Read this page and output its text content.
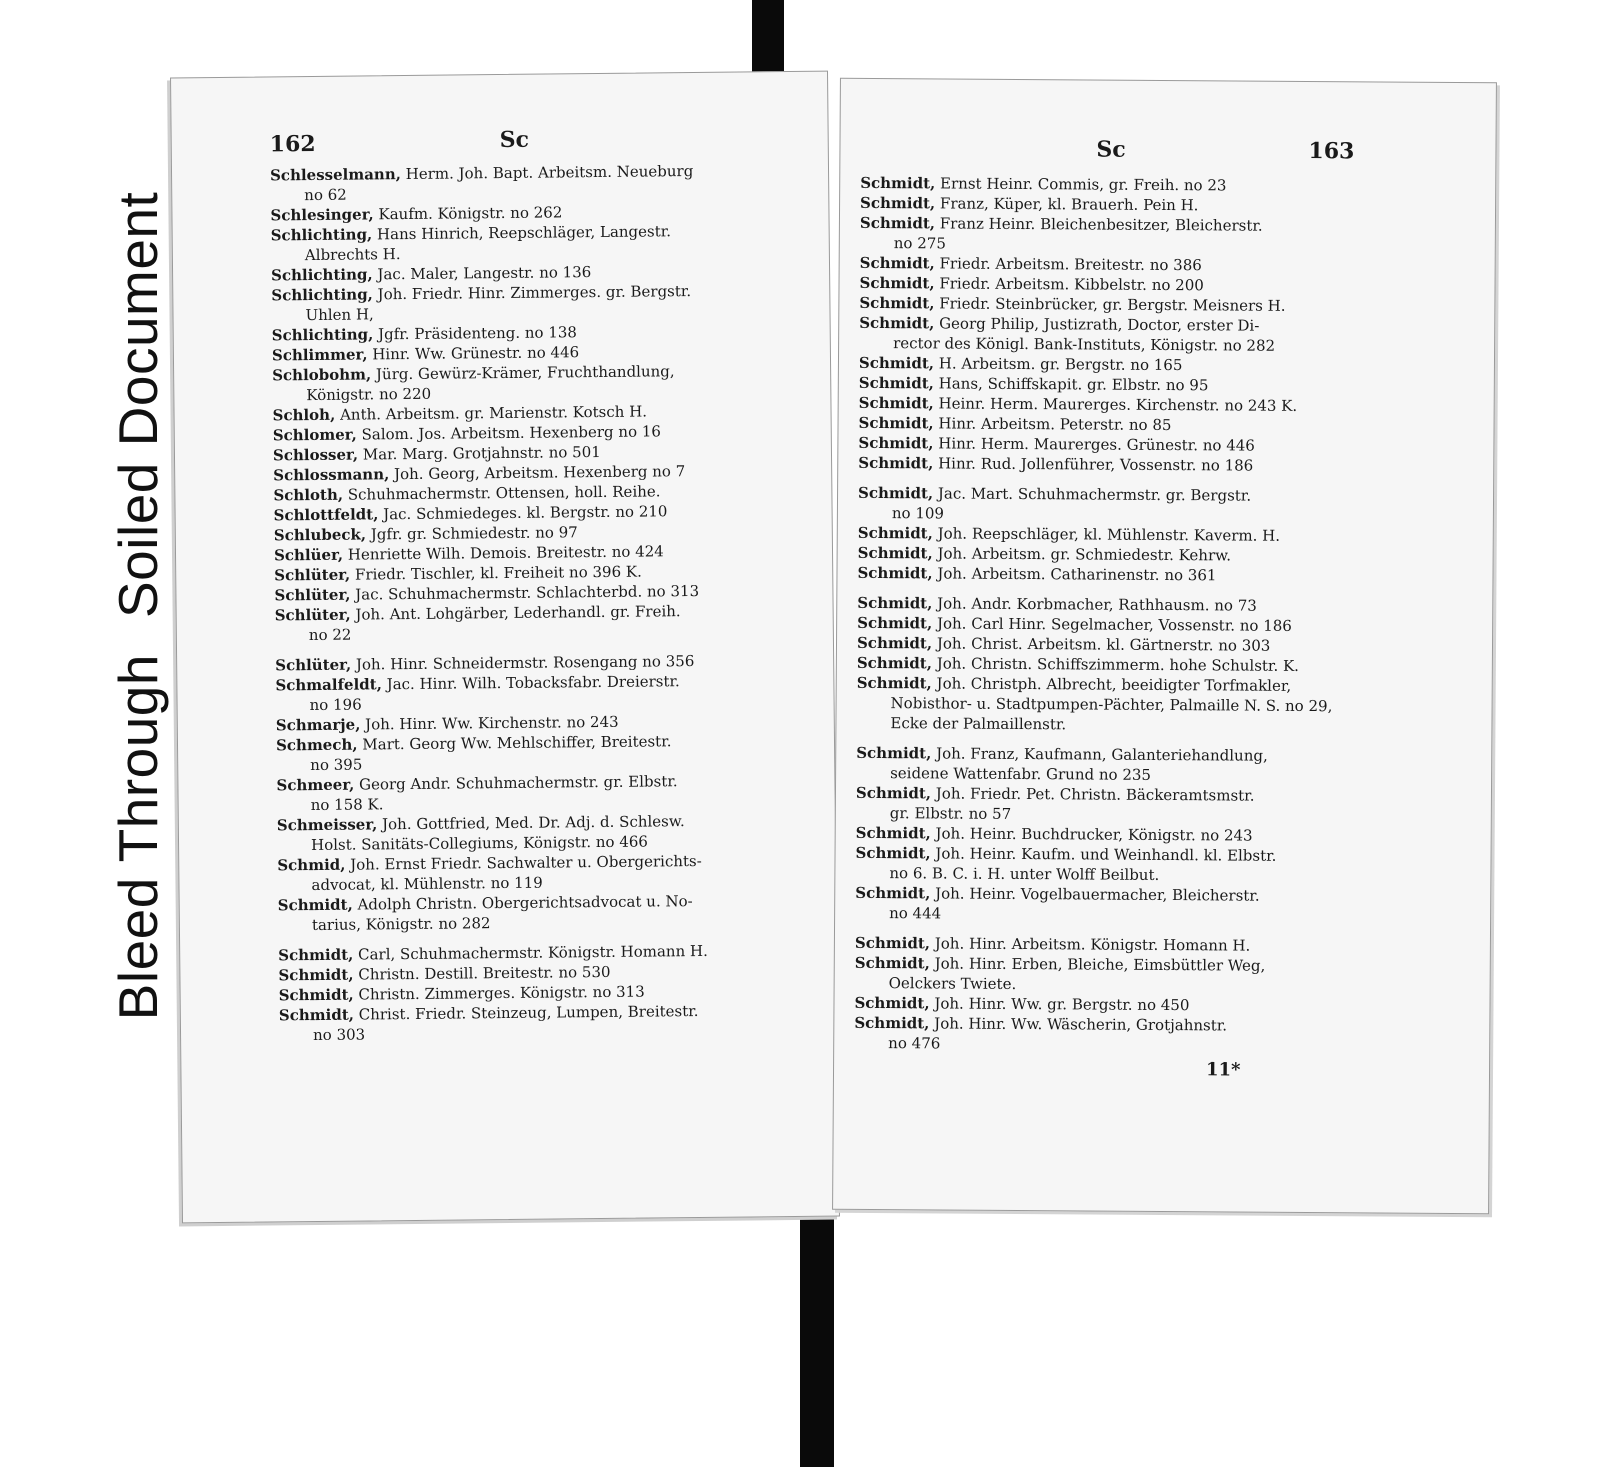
Bleed ThroughSoiled Document
162	Sc

Schlesselmann, Herm. Joh. Bapt. Arbeitsm. Neueburg
no 62

Schlesinger, Kaufm. Königstr. no 262

Schlichting, Hans Hinrich, Reepschläger, Langestr.
Albrechts H.

Schlichting, Jac. Maler, Langestr. no 136

Schlichting, Joh. Friedr. Hinr. Zimmerges. gr. Bergstr.
Uhlen H,

Schlichting, Jgfr. Präsidenteng. no 138

Schlimmer, Hinr. Ww. Grünestr. no 446

Schlobohm, Jürg. Gewürz-Krämer, Fruchthandlung,
Königstr. no 220

Schloh, Anth. Arbeitsm. gr. Marienstr. Kotsch H.

Schlomer, Salom. Jos. Arbeitsm. Hexenberg no 16

Schlosser, Mar. Marg. Grotjahnstr. no 501

Schlossmann, Joh. Georg, Arbeitsm. Hexenberg no 7

Schloth, Schuhmachermstr. Ottensen, holl. Reihe.

Schlottfeldt, Jac. Schmiedeges. kl. Bergstr. no 210

Schlubeck, Jgfr. gr. Schmiedestr. no 97

Schlüer, Henriette Wilh. Demois. Breitestr. no 424

Schlüter, Friedr. Tischler, kl. Freiheit no 396 K.

Schlüter, Jac. Schuhmachermstr. Schlachterbd. no 313

Schlüter, Joh. Ant. Lohgärber, Lederhandl. gr. Freih.
no 22

Schlüter, Joh. Hinr. Schneidermstr. Rosengang no 356

Schmalfeldt, Jac. Hinr. Wilh. Tobacksfabr. Dreierstr.
no 196

Schmarje, Joh. Hinr. Ww. Kirchenstr. no 243

Schmech, Mart. Georg Ww. Mehlschiffer, Breitestr.
no 395

Schmeer, Georg Andr. Schuhmachermstr. gr. Elbstr.
no 158 K.

Schmeisser, Joh. Gottfried, Med. Dr. Adj. d. Schlesw.
Holst. Sanitäts-Collegiums, Königstr. no 466

Schmid, Joh. Ernst Friedr. Sachwalter u. Obergerichts-
advocat, kl. Mühlenstr. no 119

Schmidt, Adolph Christn. Obergerichtsadvocat u. No-
tarius, Königstr. no 282

Schmidt, Carl, Schuhmachermstr. Königstr. Homann H.

Schmidt, Christn. Destill. Breitestr. no 530

Schmidt, Christn. Zimmerges. Königstr. no 313

Schmidt, Christ. Friedr. Steinzeug, Lumpen, Breitestr.
no 303

Sc	163

Schmidt, Ernst Heinr. Commis, gr. Freih. no 23

Schmidt, Franz, Küper, kl. Brauerh. Pein H.

Schmidt, Franz Heinr. Bleichenbesitzer, Bleicherstr.
no 275

Schmidt, Friedr. Arbeitsm. Breitestr. no 386

Schmidt, Friedr. Arbeitsm. Kibbelstr. no 200

Schmidt, Friedr. Steinbrücker, gr. Bergstr. Meisners H.

Schmidt, Georg Philip, Justizrath, Doctor, erster Di-
rector des Königl. Bank-Instituts, Königstr. no 282

Schmidt, H. Arbeitsm. gr. Bergstr. no 165

Schmidt, Hans, Schiffskapit. gr. Elbstr. no 95

Schmidt, Heinr. Herm. Maurerges. Kirchenstr. no 243 K.

Schmidt, Hinr. Arbeitsm. Peterstr. no 85

Schmidt, Hinr. Herm. Maurerges. Grünestr. no 446

Schmidt, Hinr. Rud. Jollenführer, Vossenstr. no 186

Schmidt, Jac. Mart. Schuhmachermstr. gr. Bergstr.
no 109

Schmidt, Joh. Reepschläger, kl. Mühlenstr. Kaverm. H.

Schmidt, Joh. Arbeitsm. gr. Schmiedestr. Kehrw.

Schmidt, Joh. Arbeitsm. Catharinenstr. no 361

Schmidt, Joh. Andr. Korbmacher, Rathhausm. no 73

Schmidt, Joh. Carl Hinr. Segelmacher, Vossenstr. no 186

Schmidt, Joh. Christ. Arbeitsm. kl. Gärtnerstr. no 303

Schmidt, Joh. Christn. Schiffszimmerm. hohe Schulstr. K.

Schmidt, Joh. Christph. Albrecht, beeidigter Torfmakler,
Nobisthor- u. Stadtpumpen-Pächter, Palmaille N. S. no 29, Ecke der Palmaillenstr.

Schmidt, Joh. Franz, Kaufmann, Galanteriehandlung,
seidene Wattenfabr. Grund no 235

Schmidt, Joh. Friedr. Pet. Christn. Bäckeramtsmstr.
gr. Elbstr. no 57

Schmidt, Joh. Heinr. Buchdrucker, Königstr. no 243

Schmidt, Joh. Heinr. Kaufm. und Weinhandl. kl. Elbstr.
no 6. B. C. i. H. unter Wolff Beilbut.

Schmidt, Joh. Heinr. Vogelbauermacher, Bleicherstr.
no 444

Schmidt, Joh. Hinr. Arbeitsm. Königstr. Homann H.

Schmidt, Joh. Hinr. Erben, Bleiche, Eimsbüttler Weg,
Oelckers Twiete.

Schmidt, Joh. Hinr. Ww. gr. Bergstr. no 450

Schmidt, Joh. Hinr. Ww. Wäscherin, Grotjahnstr.
no 476

11*
